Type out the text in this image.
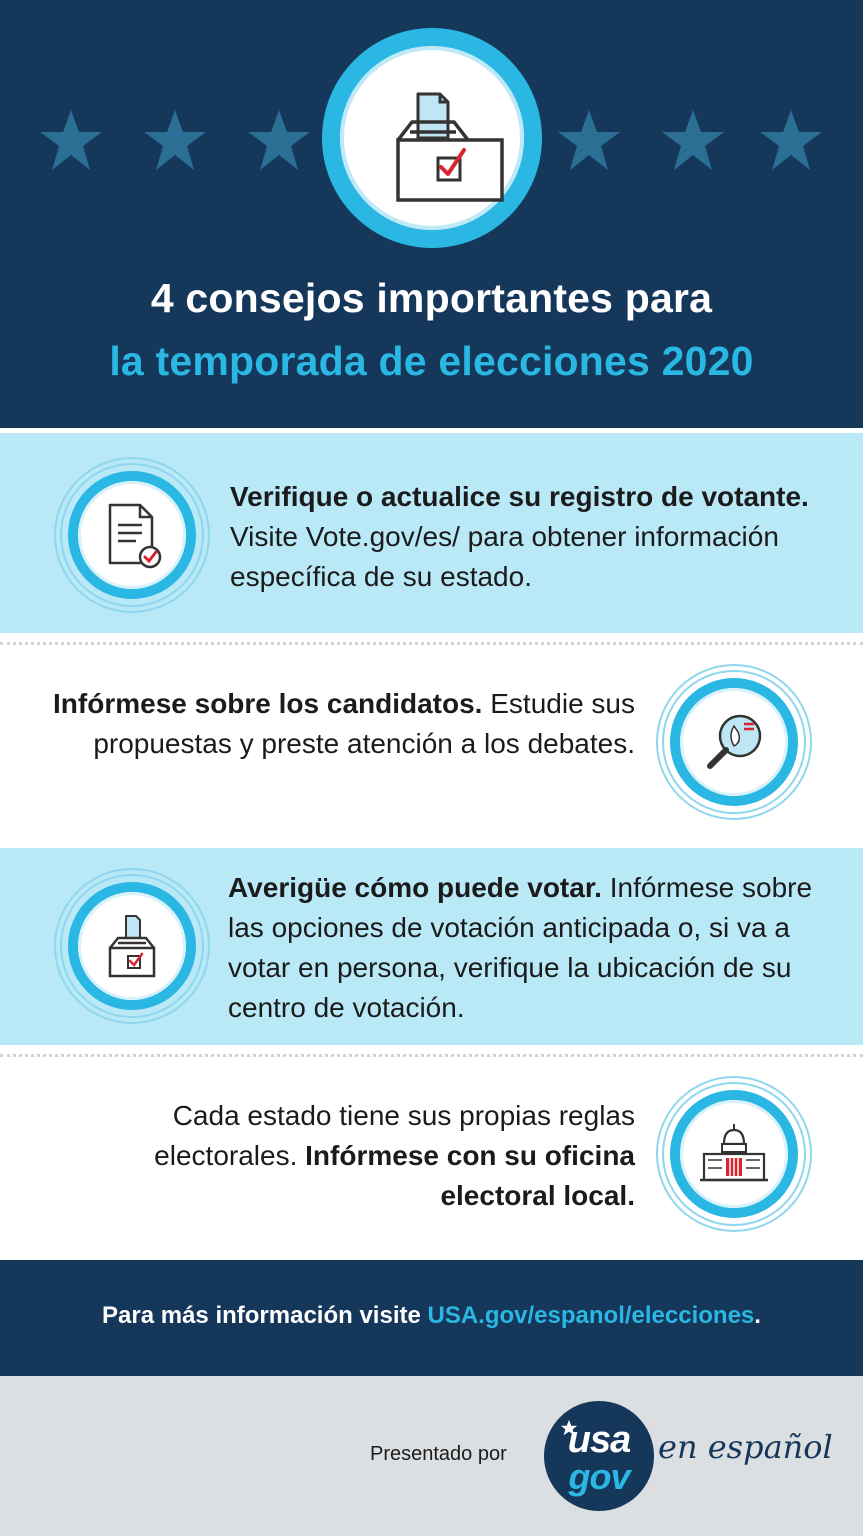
4 consejos importantes para
la temporada de elecciones 2020
Verifique o actualice su registro de votante. Visite Vote.gov/es/ para obtener información específica de su estado.
Infórmese sobre los candidatos. Estudie sus propuestas y preste atención a los debates.
Averigüe cómo puede votar. Infórmese sobre las opciones de votación anticipada o, si va a votar en persona, verifique la ubicación de su centro de votación.
Cada estado tiene sus propias reglas electorales. Infórmese con su oficina electoral local.
Para más información visite USA.gov/espanol/elecciones.
Presentado por	usa
gov
en español
